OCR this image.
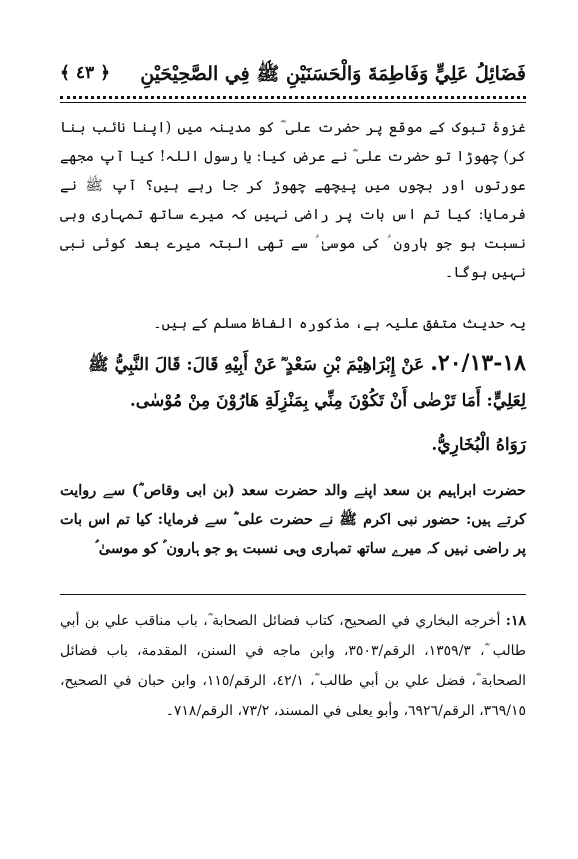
فَضَائِلُ عَلِيٍّ وَفَاطِمَةَ وَالْحَسَنَيْنِ ﷺ فِي الصَّحِيْحَيْنِ
﴾ ٤٣ ﴿
غزوۂ تبوک کے موقع پر حضرت علی ؓ کو مدینہ میں (اپنا نائب بنا کر) چھوڑا تو حضرت علی ؓ نے عرض کیا: یا رسول اللہ! کیا آپ مجھے عورتوں اور بچوں میں پیچھے چھوڑ کر جا رہے ہیں؟ آپ ﷺ نے فرمایا: کیا تم اس بات پر راضی نہیں کہ میرے ساتھ تمہاری وہی نسبت ہو جو ہارون ؑ کی موسیٰ ؑ سے تھی البتہ میرے بعد کوئی نبی نہیں ہوگا۔
یہ حدیث متفق علیہ ہے، مذکورہ الفاظ مسلم کے ہیں۔
١٨-٢٠/١٣. عَنْ إِبْرَاهِيْمَ بْنِ سَعْدٍ ؓ عَنْ أَبِيْهِ قَالَ: قَالَ النَّبِيُّ ﷺ لِعَلِيٍّ: أَمَا تَرْضٰى أَنْ تَكُوْنَ مِنِّي بِمَنْزِلَةِ هَارُوْنَ مِنْ مُوْسٰى.
رَوَاهُ الْبُخَارِيُّ.
حضرت ابراہیم بن سعد اپنے والد حضرت سعد (بن ابی وقاص ؓ) سے روایت کرتے ہیں: حضور نبی اکرم ﷺ نے حضرت علی ؓ سے فرمایا: کیا تم اس بات پر راضی نہیں کہ میرے ساتھ تمہاری وہی نسبت ہو جو ہارون ؑ کو موسیٰ ؑ
١٨: أخرجه البخاري في الصحيح، كتاب فضائل الصحابة ؓ، باب مناقب علي بن أبي طالب ؓ، ١٣٥٩/٣، الرقم/٣٥٠٣، وابن ماجه في السنن، المقدمة، باب فضائل الصحابة ؓ، فضل علي بن أبي طالب ؓ، ٤٢/١، الرقم/١١٥، وابن حبان في الصحيح، ٣٦٩/١٥، الرقم/٦٩٢٦، وأبو يعلى في المسند، ٧٣/٢، الرقم/٧١٨۔
